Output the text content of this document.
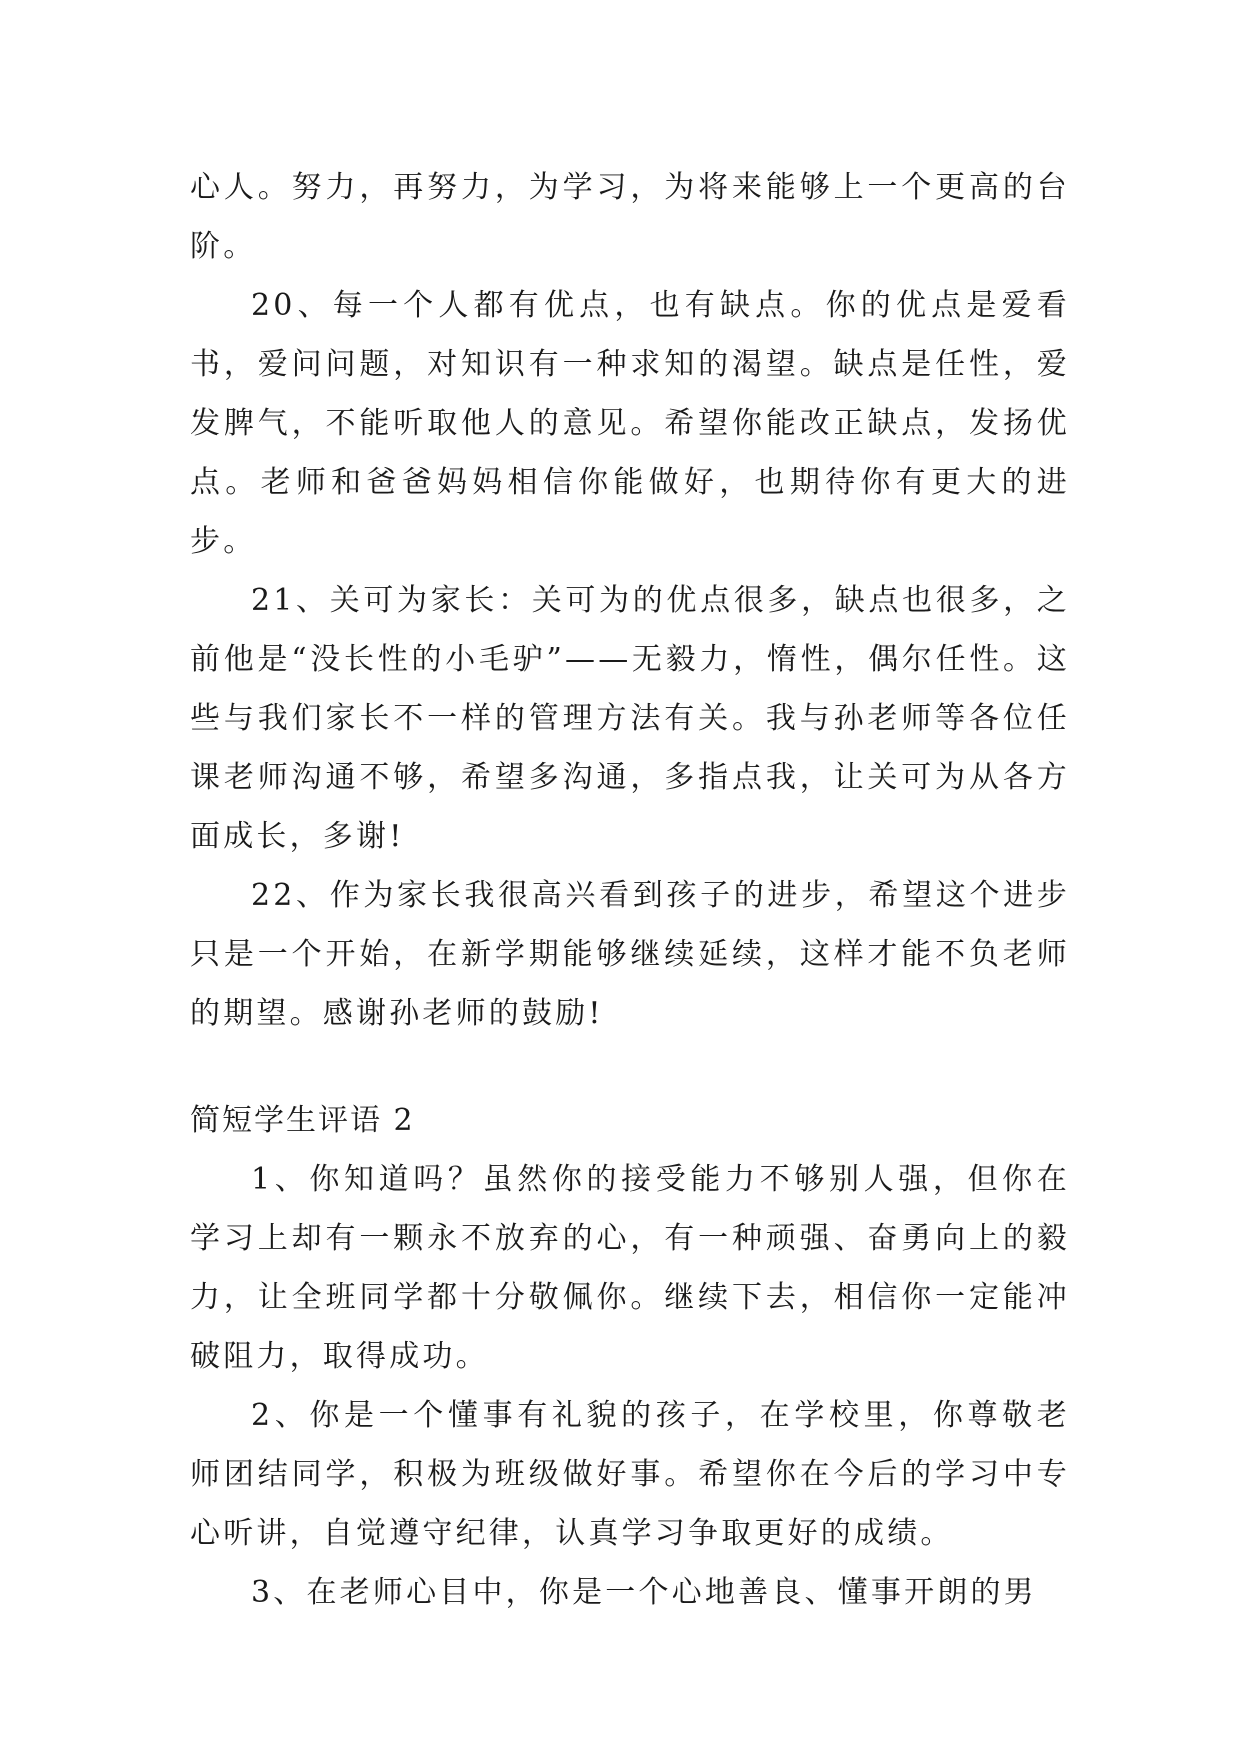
心人。努力，再努力，为学习，为将来能够上一个更高的台阶。

20、每一个人都有优点，也有缺点。你的优点是爱看书，爱问问题，对知识有一种求知的渴望。缺点是任性，爱发脾气，不能听取他人的意见。希望你能改正缺点，发扬优点。老师和爸爸妈妈相信你能做好，也期待你有更大的进步。

21、关可为家长：关可为的优点很多，缺点也很多，之前他是“没长性的小毛驴”——无毅力，惰性，偶尔任性。这些与我们家长不一样的管理方法有关。我与孙老师等各位任课老师沟通不够，希望多沟通，多指点我，让关可为从各方面成长，多谢!

22、作为家长我很高兴看到孩子的进步，希望这个进步只是一个开始，在新学期能够继续延续，这样才能不负老师的期望。感谢孙老师的鼓励!

简短学生评语 2

1、你知道吗？虽然你的接受能力不够别人强，但你在学习上却有一颗永不放弃的心，有一种顽强、奋勇向上的毅力，让全班同学都十分敬佩你。继续下去，相信你一定能冲破阻力，取得成功。

2、你是一个懂事有礼貌的孩子，在学校里，你尊敬老师团结同学，积极为班级做好事。希望你在今后的学习中专心听讲，自觉遵守纪律，认真学习争取更好的成绩。

3、在老师心目中，你是一个心地善良、懂事开朗的男
